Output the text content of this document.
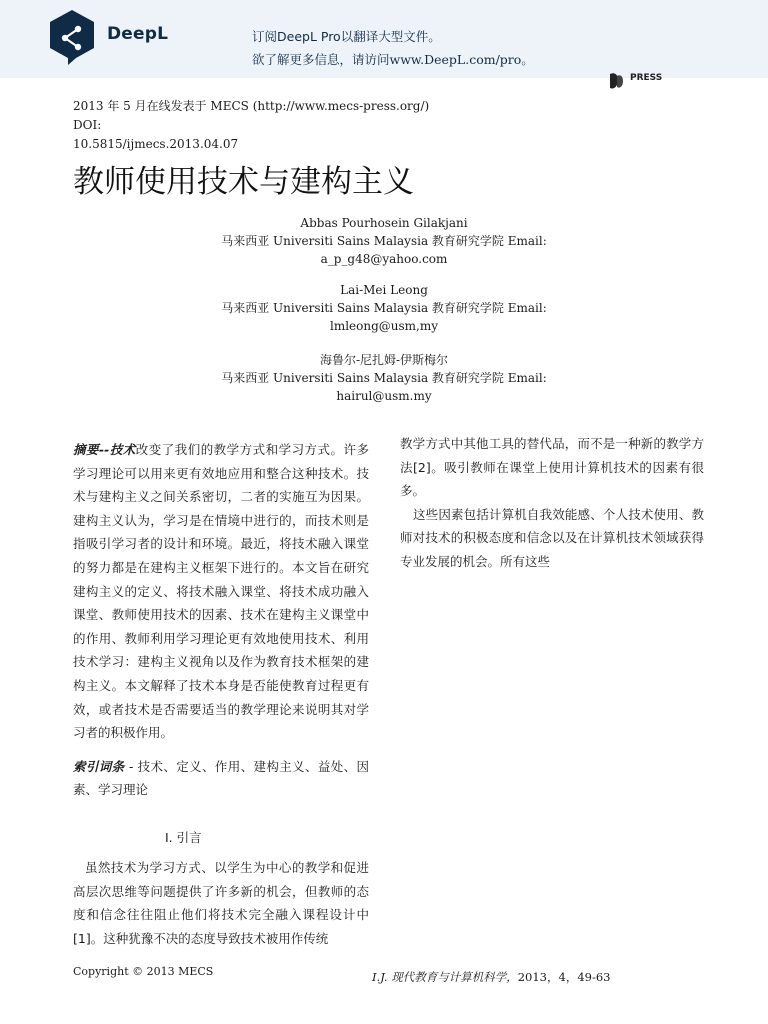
DeepL	订阅DeepL Pro以翻译大型文件。
欲了解更多信息，请访问www.DeepL.com/pro。
PRESS
2013 年 5 月在线发表于 MECS (http://www.mecs-press.org/) DOI:
10.5815/ijmecs.2013.04.07
教师使用技术与建构主义
Abbas Pourhosein Gilakjani
马来西亚 Universiti Sains Malaysia 教育研究学院 Email:
a_p_g48@yahoo.com
Lai-Mei Leong
马来西亚 Universiti Sains Malaysia 教育研究学院 Email:
lmleong@usm,my
海鲁尔-尼扎姆-伊斯梅尔
马来西亚 Universiti Sains Malaysia 教育研究学院 Email:
hairul@usm.my

摘要--技术改变了我们的教学方式和学习方式。许多学习理论可以用来更有效地应用和整合这种技术。技术与建构主义之间关系密切，二者的实施互为因果。建构主义认为，学习是在情境中进行的，而技术则是指吸引学习者的设计和环境。最近，将技术融入课堂的努力都是在建构主义框架下进行的。本文旨在研究建构主义的定义、将技术融入课堂、将技术成功融入课堂、教师使用技术的因素、技术在建构主义课堂中的作用、教师利用学习理论更有效地使用技术、利用技术学习：建构主义视角以及作为教育技术框架的建构主义。本文解释了技术本身是否能使教育过程更有效，或者技术是否需要适当的教学理论来说明其对学习者的积极作用。

索引词条 - 技术、定义、作用、建构主义、益处、因素、学习理论

I. 引言
虽然技术为学习方式、以学生为中心的教学和促进高层次思维等问题提供了许多新的机会，但教师的态度和信念往往阻止他们将技术完全融入课程设计中[1]。这种犹豫不决的态度导致技术被用作传统

教学方式中其他工具的替代品，而不是一种新的教学方法[2]。吸引教师在课堂上使用计算机技术的因素有很多。

这些因素包括计算机自我效能感、个人技术使用、教师对技术的积极态度和信念以及在计算机技术领域获得专业发展的机会。所有这些

Copyright © 2013 MECS	I.J. 现代教育与计算机科学，2013，4，49-63
